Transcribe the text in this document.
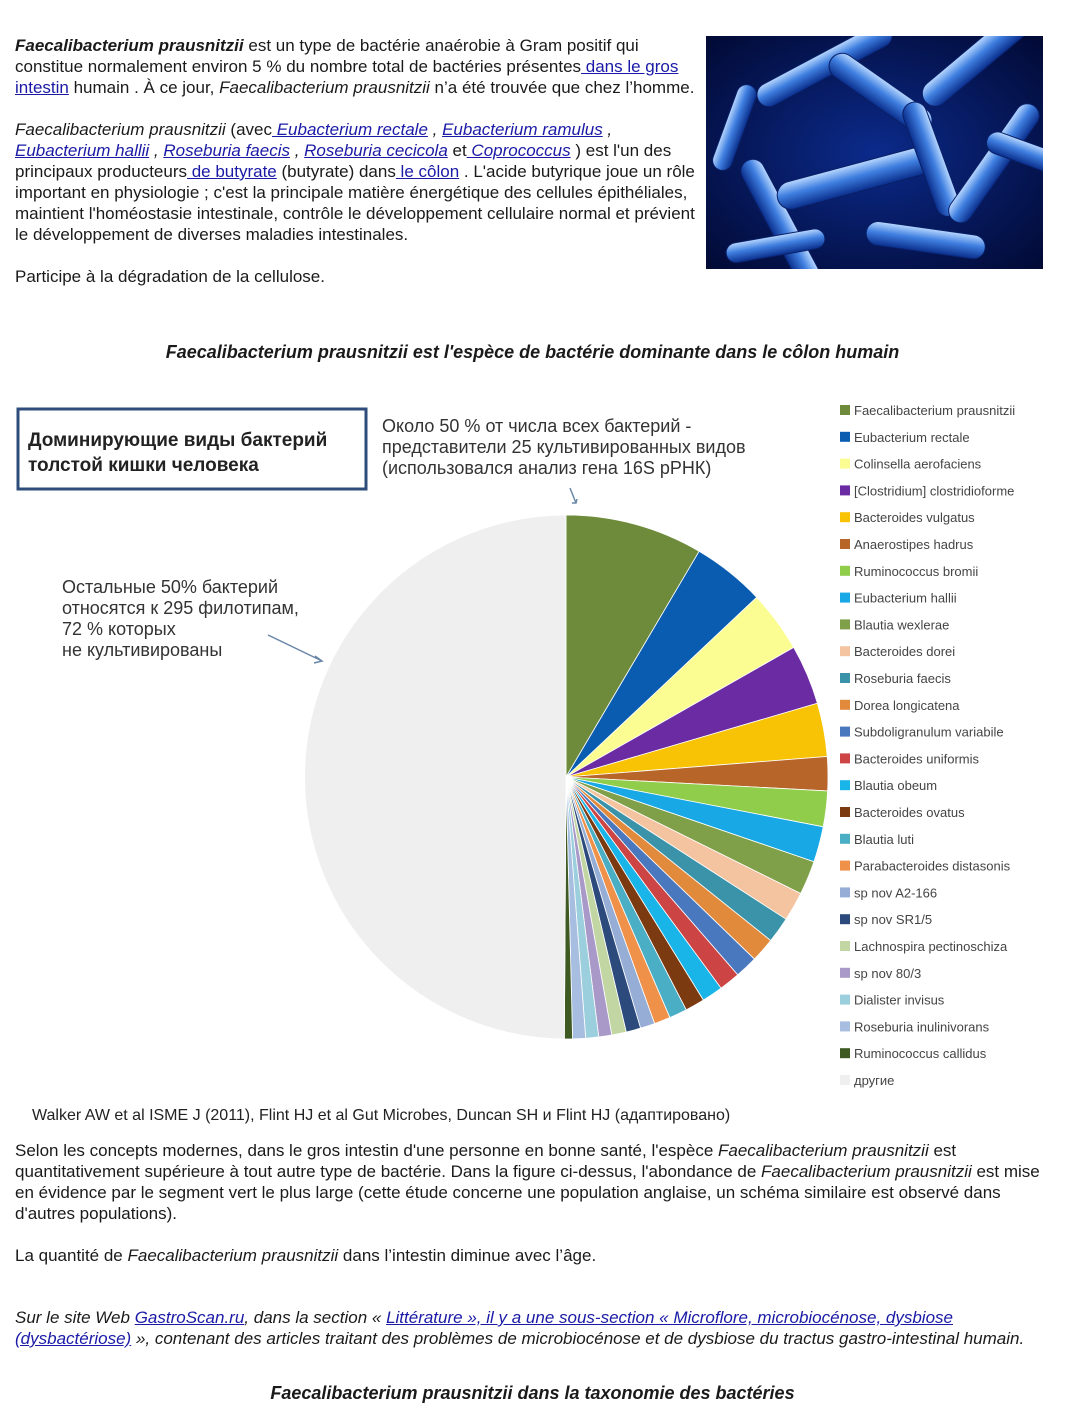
Faecalibacterium prausnitzii est un type de bactérie anaérobie à Gram positif qui constitue normalement environ 5 % du nombre total de bactéries présentes dans le gros intestin humain . À ce jour, Faecalibacterium prausnitzii n’a été trouvée que chez l’homme.

Faecalibacterium prausnitzii (avec Eubacterium rectale , Eubacterium ramulus , Eubacterium hallii , Roseburia faecis , Roseburia cecicola et Coprococcus ) est l'un des principaux producteurs de butyrate (butyrate) dans le côlon . L'acide butyrique joue un rôle important en physiologie ; c'est la principale matière énergétique des cellules épithéliales, maintient l'homéostasie intestinale, contrôle le développement cellulaire normal et prévient le développement de diverses maladies intestinales.

Participe à la dégradation de la cellulose.

Faecalibacterium prausnitzii est l'espèce de bactérie dominante dans le côlon humain
Доминирующие виды бактерий
толстой кишки человека
Около 50 % от числа всех бактерий -
представители 25 культивированных видов
(использовался анализ гена 16S рРНК)
Остальные 50% бактерий
относятся к 295 филотипам,
72 % которых
не культивированы
Faecalibacterium prausnitzii
Eubacterium rectale
Colinsella aerofaciens
[Clostridium] clostridioforme
Bacteroides vulgatus
Anaerostipes hadrus
Ruminococcus bromii
Eubacterium hallii
Blautia wexlerae
Bacteroides dorei
Roseburia faecis
Dorea longicatena
Subdoligranulum variabile
Bacteroides uniformis
Blautia obeum
Bacteroides ovatus
Blautia luti
Parabacteroides distasonis
sp nov A2-166
sp nov SR1/5
Lachnospira pectinoschiza
sp nov 80/3
Dialister invisus
Roseburia inulinivorans
Ruminococcus callidus
другие
Walker AW et al ISME J (2011), Flint HJ et al Gut Microbes, Duncan SH и Flint HJ (адаптировано)

Selon les concepts modernes, dans le gros intestin d'une personne en bonne santé, l'espèce Faecalibacterium prausnitzii est quantitativement supérieure à tout autre type de bactérie. Dans la figure ci-dessus, l'abondance de Faecalibacterium prausnitzii est mise en évidence par le segment vert le plus large (cette étude concerne une population anglaise, un schéma similaire est observé dans d'autres populations).

La quantité de Faecalibacterium prausnitzii dans l’intestin diminue avec l’âge.

Sur le site Web GastroScan.ru, dans la section « Littérature », il y a une sous-section « Microflore, microbiocénose, dysbiose (dysbactériose) », contenant des articles traitant des problèmes de microbiocénose et de dysbiose du tractus gastro-intestinal humain.

Faecalibacterium prausnitzii dans la taxonomie des bactéries
